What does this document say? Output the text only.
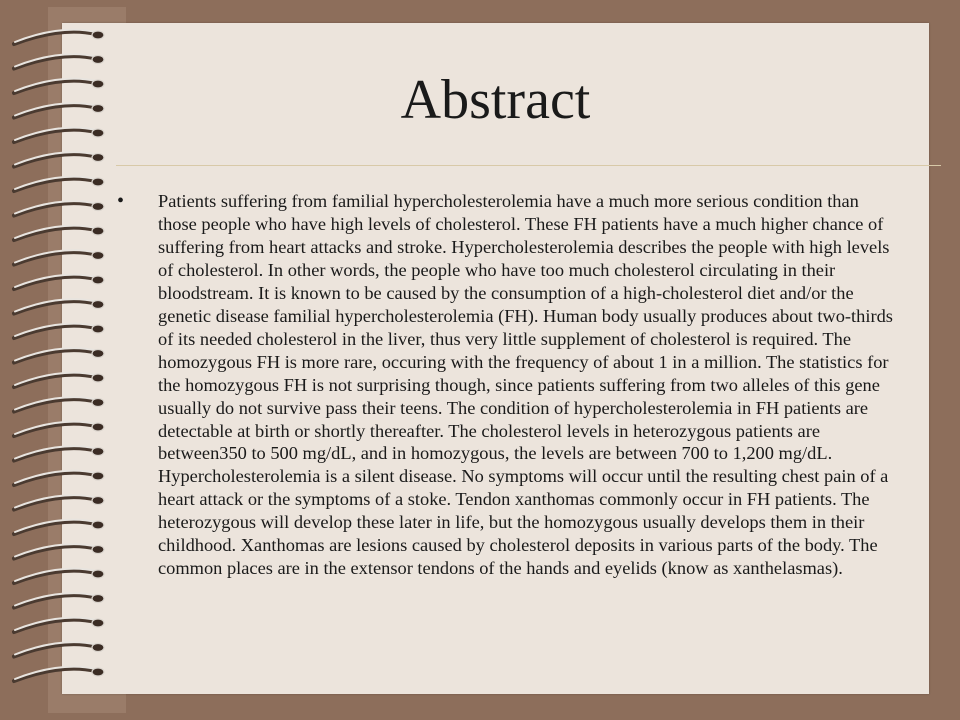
Abstract
• Patients suffering from familial hypercholesterolemia have a much more serious condition than those people who have high levels of cholesterol. These FH patients have a much higher chance of suffering from heart attacks and stroke. Hypercholesterolemia describes the people with high levels of cholesterol. In other words, the people who have too much cholesterol circulating in their bloodstream. It is known to be caused by the consumption of a high-cholesterol diet and/or the genetic disease familial hypercholesterolemia (FH). Human body usually produces about two-thirds of its needed cholesterol in the liver, thus very little supplement of cholesterol is required. The homozygous FH is more rare, occuring with the frequency of about 1 in a million. The statistics for the homozygous FH is not surprising though, since patients suffering from two alleles of this gene usually do not survive pass their teens. The condition of hypercholesterolemia in FH patients are detectable at birth or shortly thereafter. The cholesterol levels in heterozygous patients are between350 to 500 mg/dL, and in homozygous, the levels are between 700 to 1,200 mg/dL. Hypercholesterolemia is a silent disease. No symptoms will occur until the resulting chest pain of a heart attack or the symptoms of a stoke. Tendon xanthomas commonly occur in FH patients. The heterozygous will develop these later in life, but the homozygous usually develops them in their childhood. Xanthomas are lesions caused by cholesterol deposits in various parts of the body. The common places are in the extensor tendons of the hands and eyelids (know as xanthelasmas).
